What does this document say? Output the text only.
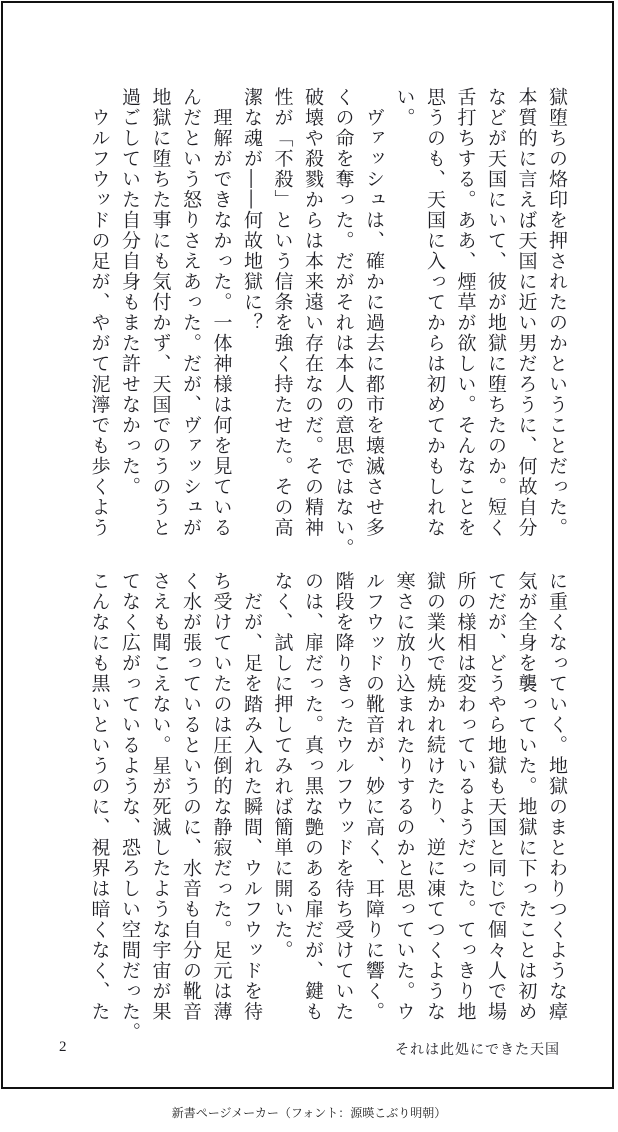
獄堕ちの烙印を押されたのかということだった。
本質的に言えば天国に近い男だろうに、何故自分
などが天国にいて、彼が地獄に堕ちたのか。短く
舌打ちする。ああ、煙草が欲しい。そんなことを
思うのも、天国に入ってからは初めてかもしれな
い。
　ヴァッシュは、確かに過去に都市を壊滅させ多
くの命を奪った。だがそれは本人の意思ではない。
破壊や殺戮からは本来遠い存在なのだ。その精神
性が「不殺」という信条を強く持たせた。その高
潔な魂が――何故地獄に？
　理解ができなかった。一体神様は何を見ている
んだという怒りさえあった。だが、ヴァッシュが
地獄に堕ちた事にも気付かず、天国でのうのうと
過ごしていた自分自身もまた許せなかった。
　ウルフウッドの足が、やがて泥濘でも歩くよう
に重くなっていく。地獄のまとわりつくような瘴
気が全身を襲っていた。地獄に下ったことは初め
てだが、どうやら地獄も天国と同じで個々人で場
所の様相は変わっているようだった。てっきり地
獄の業火で焼かれ続けたり、逆に凍てつくような
寒さに放り込まれたりするのかと思っていた。ウ
ルフウッドの靴音が、妙に高く、耳障りに響く。
階段を降りきったウルフウッドを待ち受けていた
のは、扉だった。真っ黒な艶のある扉だが、鍵も
なく、試しに押してみれば簡単に開いた。
　だが、足を踏み入れた瞬間、ウルフウッドを待
ち受けていたのは圧倒的な静寂だった。足元は薄
く水が張っているというのに、水音も自分の靴音
さえも聞こえない。星が死滅したような宇宙が果
てなく広がっているような、恐ろしい空間だった。
こんなにも黒いというのに、視界は暗くなく、た
2	それは此処にできた天国
新書ページメーカー（フォント：源暎こぶり明朝）
